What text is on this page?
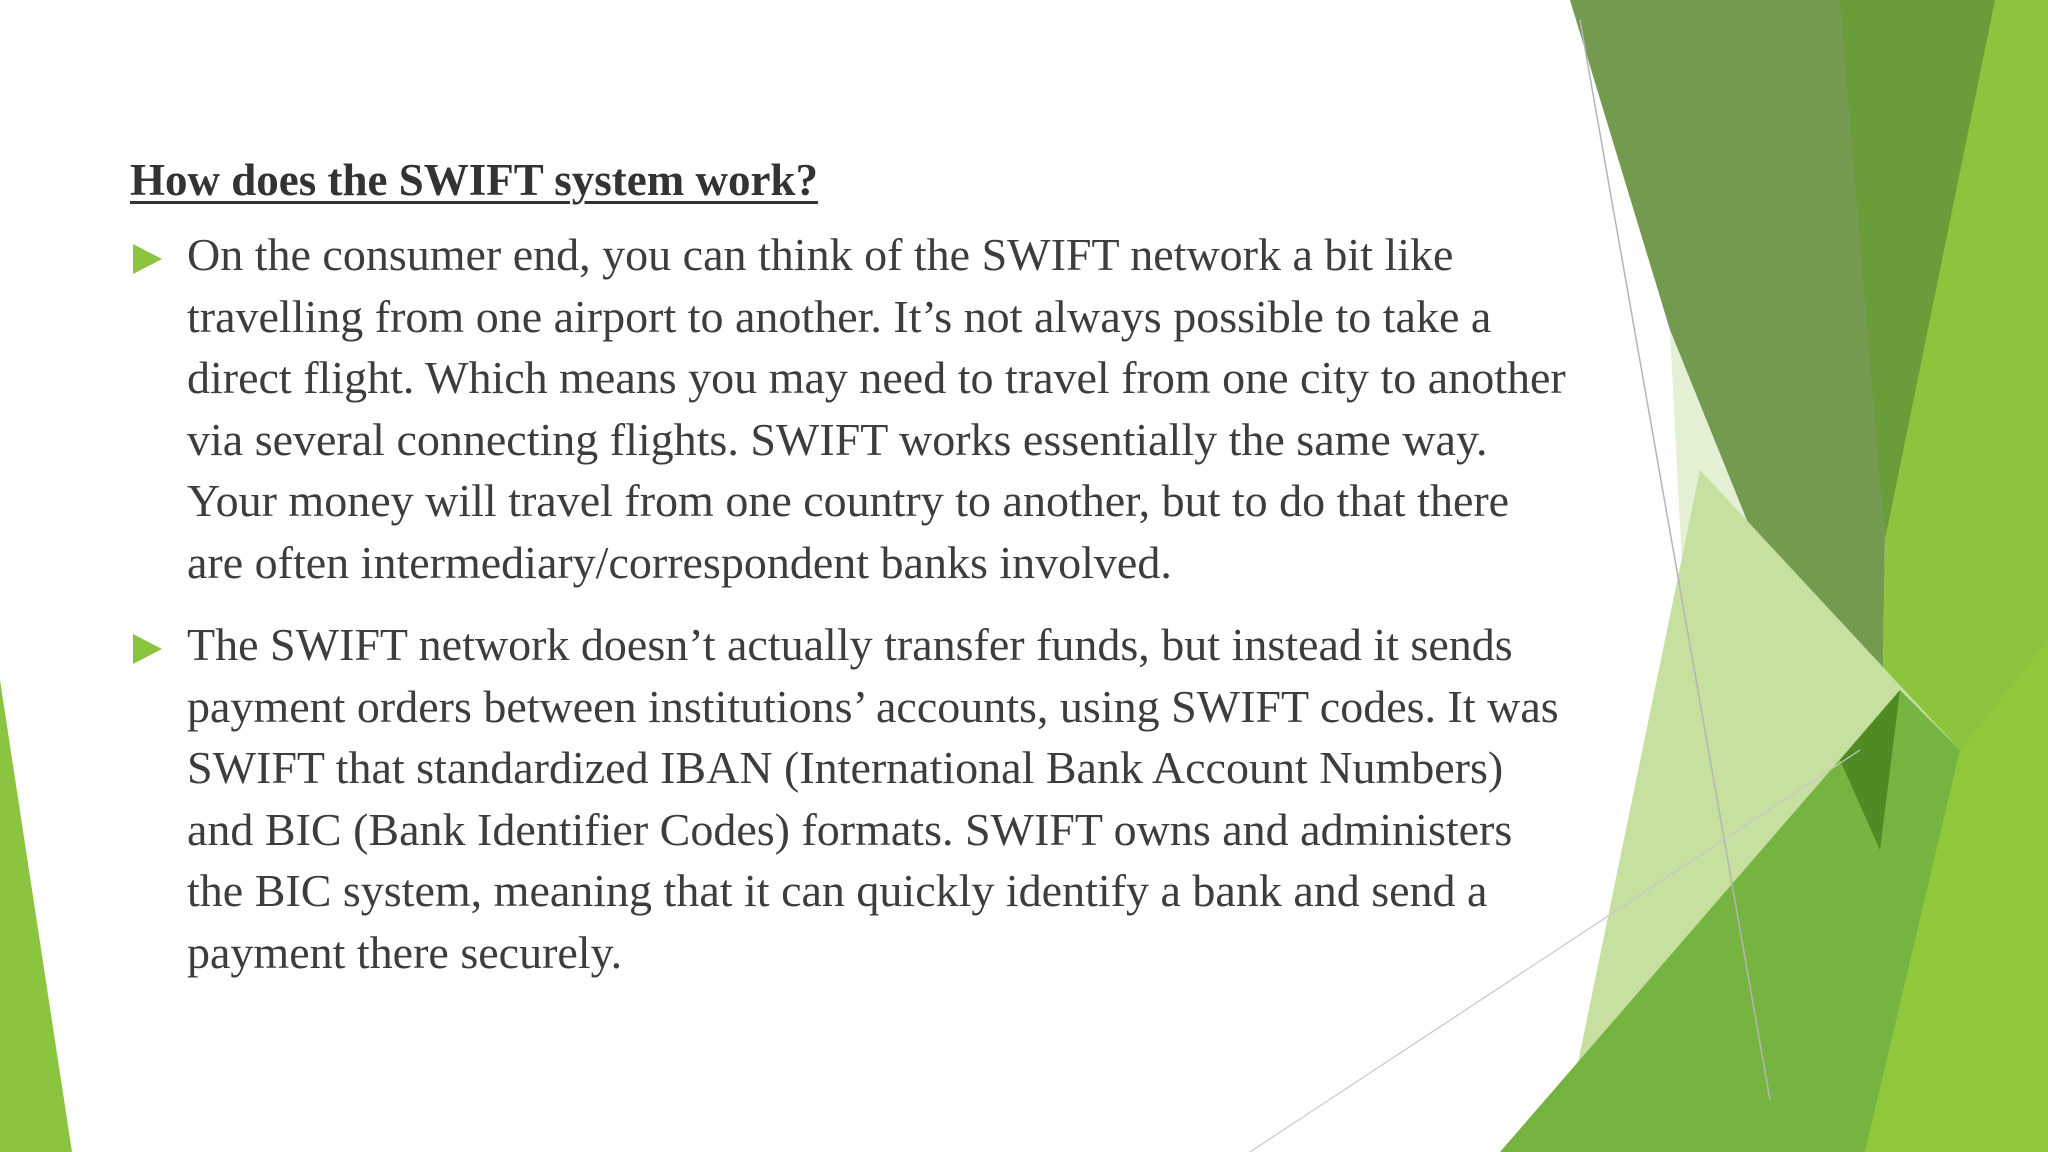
How does the SWIFT system work?
On the consumer end, you can think of the SWIFT network a bit like travelling from one airport to another. It’s not always possible to take a direct flight. Which means you may need to travel from one city to another via several connecting flights. SWIFT works essentially the same way. Your money will travel from one country to another, but to do that there are often intermediary/correspondent banks involved.
The SWIFT network doesn’t actually transfer funds, but instead it sends payment orders between institutions’ accounts, using SWIFT codes. It was SWIFT that standardized IBAN (International Bank Account Numbers) and BIC (Bank Identifier Codes) formats. SWIFT owns and administers the BIC system, meaning that it can quickly identify a bank and send a payment there securely.
